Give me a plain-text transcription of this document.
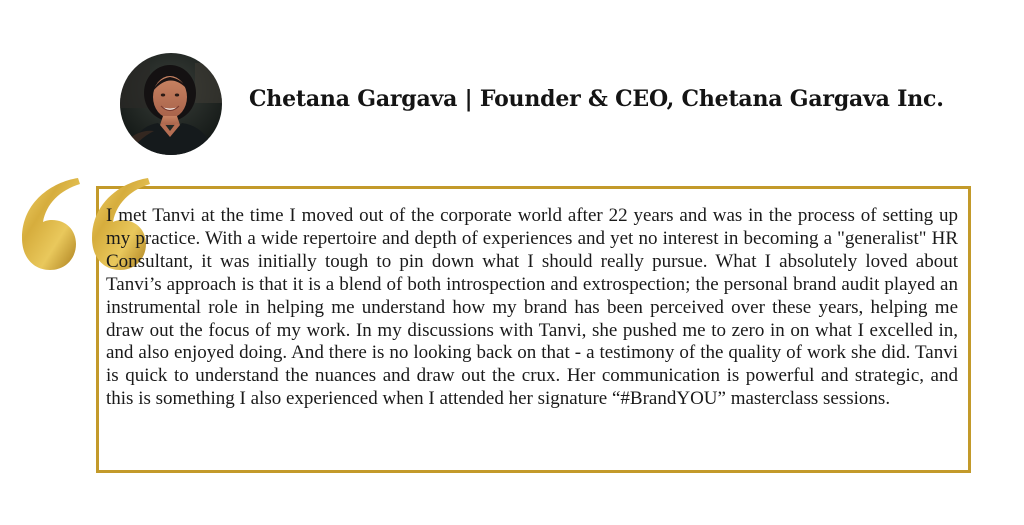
Chetana Gargava | Founder & CEO, Chetana Gargava Inc.

I met Tanvi at the time I moved out of the corporate world after 22 years and was in the process of setting up my practice. With a wide repertoire and depth of experiences and yet no interest in becoming a "generalist" HR Consultant, it was initially tough to pin down what I should really pursue. What I absolutely loved about Tanvi’s approach is that it is a blend of both introspection and extrospection; the personal brand audit played an instrumental role in helping me understand how my brand has been perceived over these years, helping me draw out the focus of my work. In my discussions with Tanvi, she pushed me to zero in on what I excelled in, and also enjoyed doing. And there is no looking back on that - a testimony of the quality of work she did. Tanvi is quick to understand the nuances and draw out the crux. Her communication is powerful and strategic, and this is something I also experienced when I attended her signature “#BrandYOU” masterclass sessions.
